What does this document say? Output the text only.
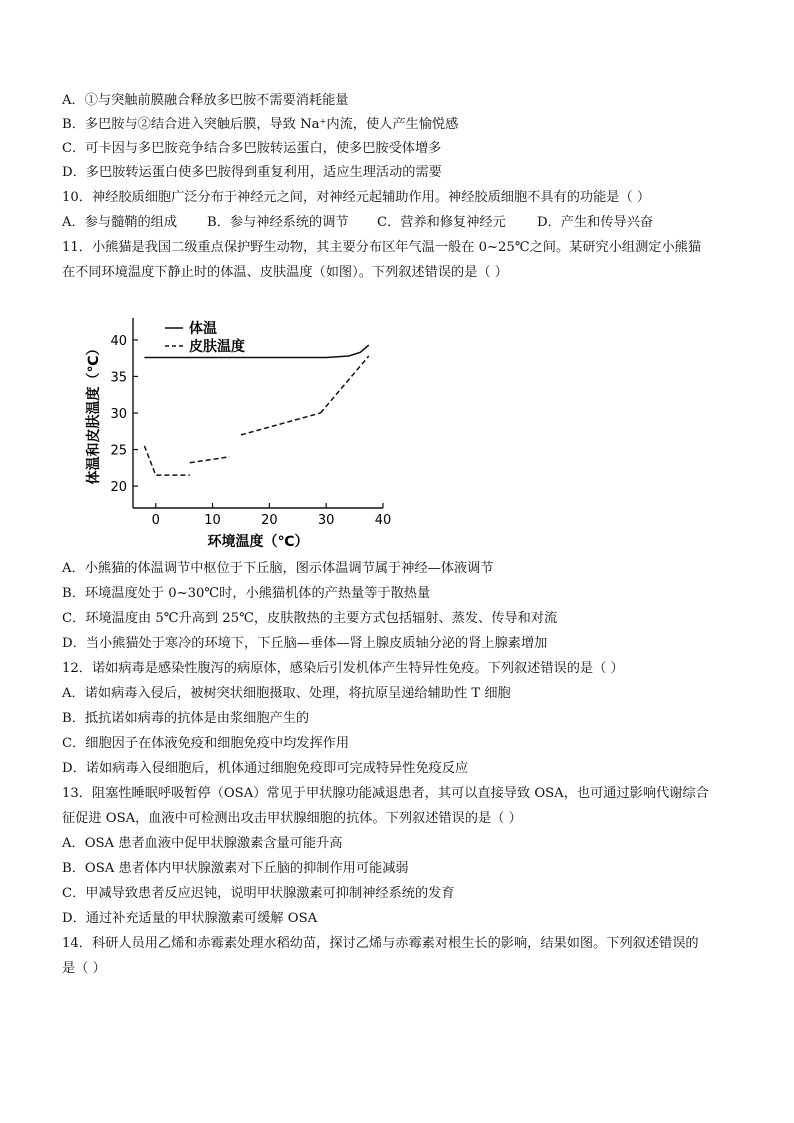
A．①与突触前膜融合释放多巴胺不需要消耗能量
B．多巴胺与②结合进入突触后膜，导致 Na⁺内流，使人产生愉悦感
C．可卡因与多巴胺竞争结合多巴胺转运蛋白，使多巴胺受体增多
D．多巴胺转运蛋白使多巴胺得到重复利用，适应生理活动的需要
10．神经胶质细胞广泛分布于神经元之间，对神经元起辅助作用。神经胶质细胞不具有的功能是（ ）
A．参与髓鞘的组成	B．参与神经系统的调节	C．营养和修复神经元	D．产生和传导兴奋
11．小熊猫是我国二级重点保护野生动物，其主要分布区年气温一般在 0~25℃之间。某研究小组测定小熊猫
在不同环境温度下静止时的体温、皮肤温度（如图）。下列叙述错误的是（ ）
0	10	20	30	40
20
25
30
35
40
体温
皮肤温度
体温和皮肤温度（℃）
环境温度（℃）
A．小熊猫的体温调节中枢位于下丘脑，图示体温调节属于神经—体液调节
B．环境温度处于 0~30℃时，小熊猫机体的产热量等于散热量
C．环境温度由 5℃升高到 25℃，皮肤散热的主要方式包括辐射、蒸发、传导和对流
D．当小熊猫处于寒冷的环境下，下丘脑—垂体—肾上腺皮质轴分泌的肾上腺素增加
12．诺如病毒是感染性腹泻的病原体，感染后引发机体产生特异性免疫。下列叙述错误的是（ ）
A．诺如病毒入侵后，被树突状细胞摄取、处理，将抗原呈递给辅助性 T 细胞
B．抵抗诺如病毒的抗体是由浆细胞产生的
C．细胞因子在体液免疫和细胞免疫中均发挥作用
D．诺如病毒入侵细胞后，机体通过细胞免疫即可完成特异性免疫反应
13．阻塞性睡眠呼吸暂停（OSA）常见于甲状腺功能减退患者，其可以直接导致 OSA，也可通过影响代谢综合
征促进 OSA，血液中可检测出攻击甲状腺细胞的抗体。下列叙述错误的是（ ）
A．OSA 患者血液中促甲状腺激素含量可能升高
B．OSA 患者体内甲状腺激素对下丘脑的抑制作用可能减弱
C．甲减导致患者反应迟钝，说明甲状腺激素可抑制神经系统的发育
D．通过补充适量的甲状腺激素可缓解 OSA
14．科研人员用乙烯和赤霉素处理水稻幼苗，探讨乙烯与赤霉素对根生长的影响，结果如图。下列叙述错误的
是（ ）
